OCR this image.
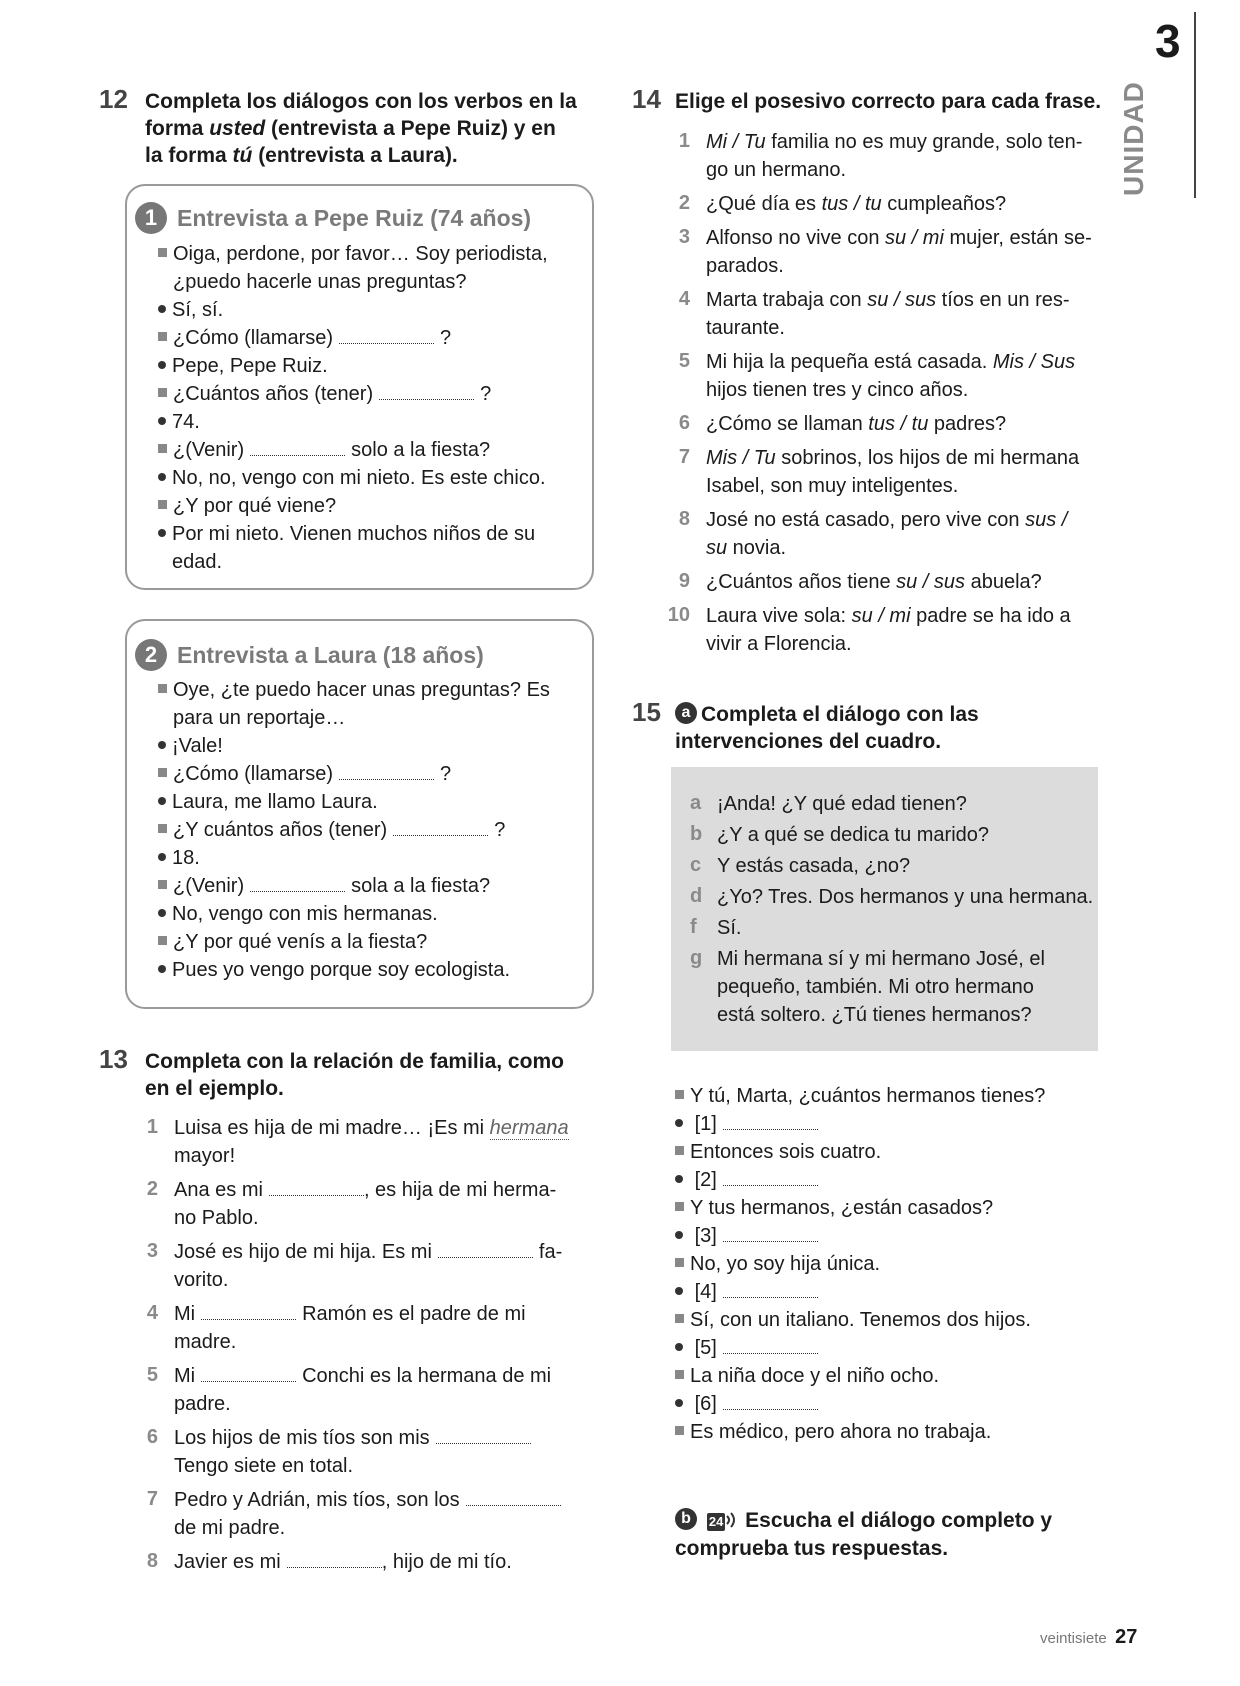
3
UNIDAD
12 Completa los diálogos con los verbos en la
forma usted (entrevista a Pepe Ruiz) y en
la forma tú (entrevista a Laura).
1 Entrevista a Pepe Ruiz (74 años)
Oiga, perdone, por favor… Soy periodista,
¿puedo hacerle unas preguntas?
Sí, sí.
¿Cómo (llamarse)	?
Pepe, Pepe Ruiz.
¿Cuántos años (tener)	?
74.
¿(Venir)	solo a la fiesta?
No, no, vengo con mi nieto. Es este chico.
¿Y por qué viene?
Por mi nieto. Vienen muchos niños de su
edad.
2 Entrevista a Laura (18 años)
Oye, ¿te puedo hacer unas preguntas? Es
para un reportaje…
¡Vale!
¿Cómo (llamarse)	?
Laura, me llamo Laura.
¿Y cuántos años (tener)	?
18.
¿(Venir)	sola a la fiesta?
No, vengo con mis hermanas.
¿Y por qué venís a la fiesta?
Pues yo vengo porque soy ecologista.
13 Completa con la relación de familia, como
en el ejemplo.
1 Luisa es hija de mi madre… ¡Es mi hermana
mayor!
2 Ana es mi	, es hija de mi herma-
no Pablo.
3 José es hijo de mi hija. Es mi	fa-
vorito.
4 Mi	Ramón es el padre de mi
madre.
5 Mi	Conchi es la hermana de mi
padre.
6 Los hijos de mis tíos son mis
Tengo siete en total.
7 Pedro y Adrián, mis tíos, son los
de mi padre.
8 Javier es mi	, hijo de mi tío.
14 Elige el posesivo correcto para cada frase.
1 Mi / Tu familia no es muy grande, solo ten-
go un hermano.
2 ¿Qué día es tus / tu cumpleaños?
3 Alfonso no vive con su / mi mujer, están se-
parados.
4 Marta trabaja con su / sus tíos en un res-
taurante.
5 Mi hija la pequeña está casada. Mis / Sus
hijos tienen tres y cinco años.
6 ¿Cómo se llaman tus / tu padres?
7 Mis / Tu sobrinos, los hijos de mi hermana
Isabel, son muy inteligentes.
8 José no está casado, pero vive con sus /
su novia.
9 ¿Cuántos años tiene su / sus abuela?
10 Laura vive sola: su / mi padre se ha ido a
vivir a Florencia.
15	a Completa el diálogo con las
intervenciones del cuadro.
a ¡Anda! ¿Y qué edad tienen?
b ¿Y a qué se dedica tu marido?
c Y estás casada, ¿no?
d ¿Yo? Tres. Dos hermanos y una hermana.
f Sí.
g Mi hermana sí y mi hermano José, el
pequeño, también. Mi otro hermano
está soltero. ¿Tú tienes hermanos?
Y tú, Marta, ¿cuántos hermanos tienes?
[1]
Entonces sois cuatro.
[2]
Y tus hermanos, ¿están casados?
[3]
No, yo soy hija única.
[4]
Sí, con un italiano. Tenemos dos hijos.
[5]
La niña doce y el niño ocho.
[6]
Es médico, pero ahora no trabaja.
b 24 Escucha el diálogo completo y
comprueba tus respuestas.
veintisiete 27
